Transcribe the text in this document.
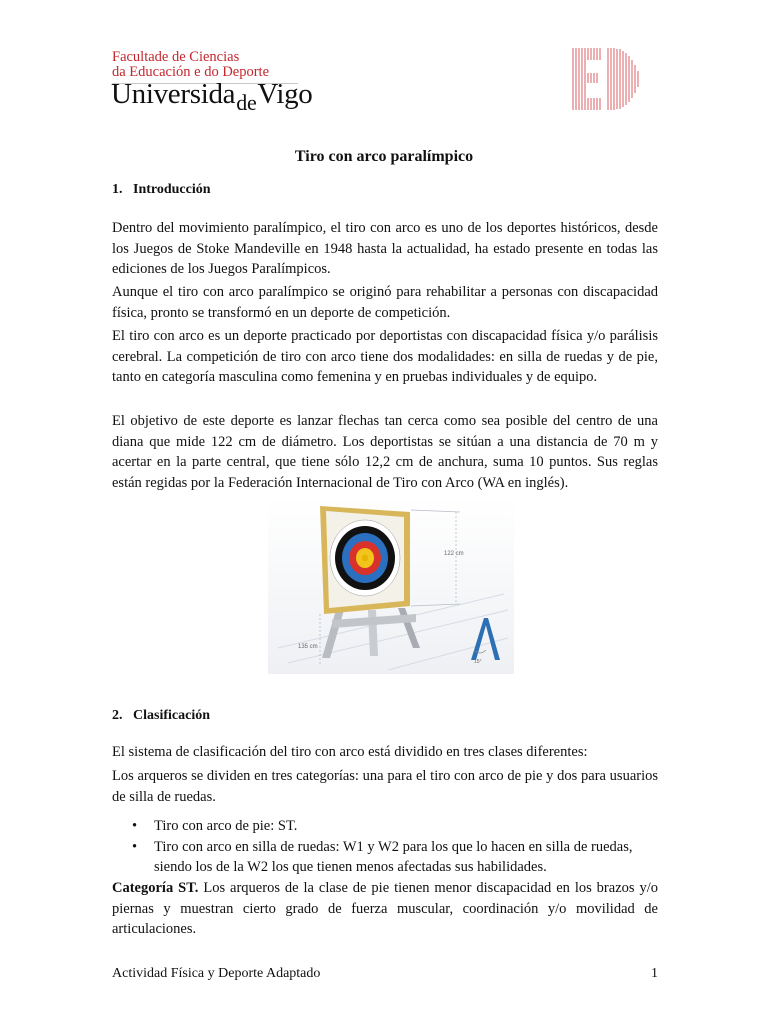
Facultade de Ciencias
da Educación e do Deporte
Universida$_{de}$Vigo
Tiro con arco paralímpico
1. Introducción

Dentro del movimiento paralímpico, el tiro con arco es uno de los deportes históricos, desde los Juegos de Stoke Mandeville en 1948 hasta la actualidad, ha estado presente en todas las ediciones de los Juegos Paralímpicos.

Aunque el tiro con arco paralímpico se originó para rehabilitar a personas con discapacidad física, pronto se transformó en un deporte de competición.

El tiro con arco es un deporte practicado por deportistas con discapacidad física y/o parálisis cerebral. La competición de tiro con arco tiene dos modalidades: en silla de ruedas y de pie, tanto en categoría masculina como femenina y en pruebas individuales y de equipo.

El objetivo de este deporte es lanzar flechas tan cerca como sea posible del centro de una diana que mide 122 cm de diámetro. Los deportistas se sitúan a una distancia de 70 m y acertar en la parte central, que tiene sólo 12,2 cm de anchura, suma 10 puntos. Sus reglas están regidas por la Federación Internacional de Tiro con Arco (WA en inglés).

122 cm
135 cm
15°
2. Clasificación

El sistema de clasificación del tiro con arco está dividido en tres clases diferentes:

Los arqueros se dividen en tres categorías: una para el tiro con arco de pie y dos para usuarios de silla de ruedas.

• Tiro con arco de pie: ST.
• Tiro con arco en silla de ruedas: W1 y W2 para los que lo hacen en silla de ruedas, siendo los de la W2 los que tienen menos afectadas sus habilidades.

Categoría ST. Los arqueros de la clase de pie tienen menor discapacidad en los brazos y/o piernas y muestran cierto grado de fuerza muscular, coordinación y/o movilidad de articulaciones.

Actividad Física y Deporte Adaptado	1
